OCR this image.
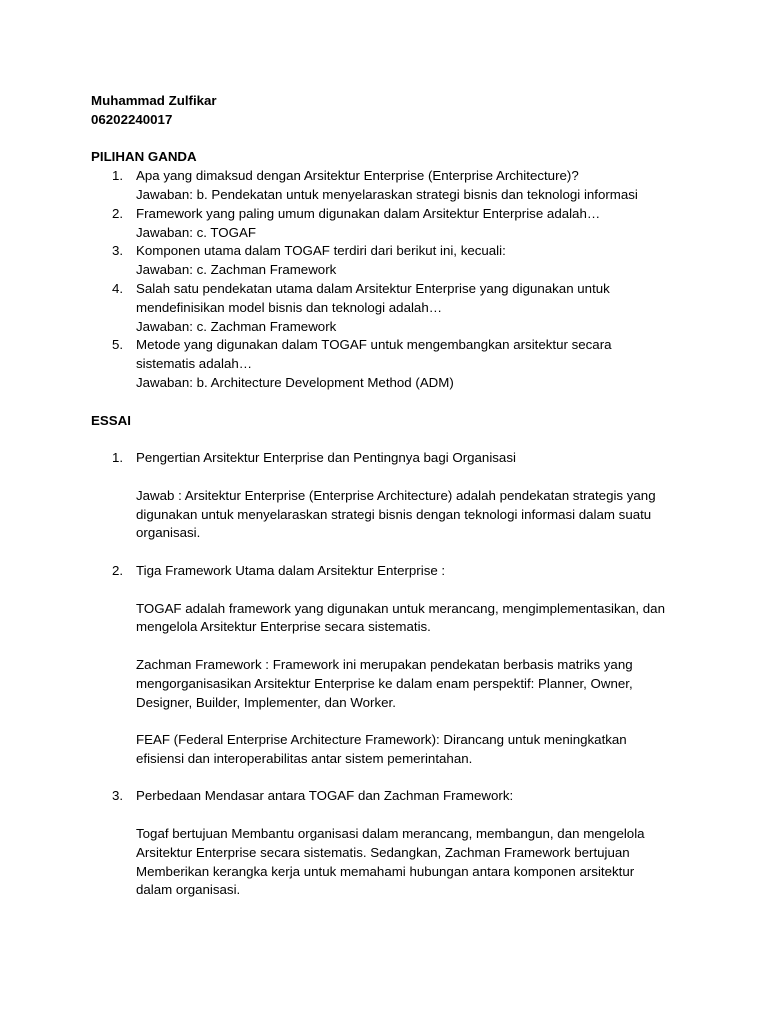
Muhammad Zulfikar

06202240017

PILIHAN GANDA

1. Apa yang dimaksud dengan Arsitektur Enterprise (Enterprise Architecture)?

Jawaban: b. Pendekatan untuk menyelaraskan strategi bisnis dan teknologi informasi

2. Framework yang paling umum digunakan dalam Arsitektur Enterprise adalah…

Jawaban: c. TOGAF

3. Komponen utama dalam TOGAF terdiri dari berikut ini, kecuali:

Jawaban: c. Zachman Framework

4. Salah satu pendekatan utama dalam Arsitektur Enterprise yang digunakan untuk mendefinisikan model bisnis dan teknologi adalah…

Jawaban: c. Zachman Framework

5. Metode yang digunakan dalam TOGAF untuk mengembangkan arsitektur secara sistematis adalah…

Jawaban: b. Architecture Development Method (ADM)

ESSAI

1. Pengertian Arsitektur Enterprise dan Pentingnya bagi Organisasi

Jawab : Arsitektur Enterprise (Enterprise Architecture) adalah pendekatan strategis yang digunakan untuk menyelaraskan strategi bisnis dengan teknologi informasi dalam suatu organisasi.

2. Tiga Framework Utama dalam Arsitektur Enterprise :

TOGAF adalah framework yang digunakan untuk merancang, mengimplementasikan, dan mengelola Arsitektur Enterprise secara sistematis.

Zachman Framework : Framework ini merupakan pendekatan berbasis matriks yang mengorganisasikan Arsitektur Enterprise ke dalam enam perspektif: Planner, Owner, Designer, Builder, Implementer, dan Worker.

FEAF (Federal Enterprise Architecture Framework): Dirancang untuk meningkatkan efisiensi dan interoperabilitas antar sistem pemerintahan.

3. Perbedaan Mendasar antara TOGAF dan Zachman Framework:

Togaf bertujuan Membantu organisasi dalam merancang, membangun, dan mengelola Arsitektur Enterprise secara sistematis. Sedangkan, Zachman Framework bertujuan Memberikan kerangka kerja untuk memahami hubungan antara komponen arsitektur dalam organisasi.
